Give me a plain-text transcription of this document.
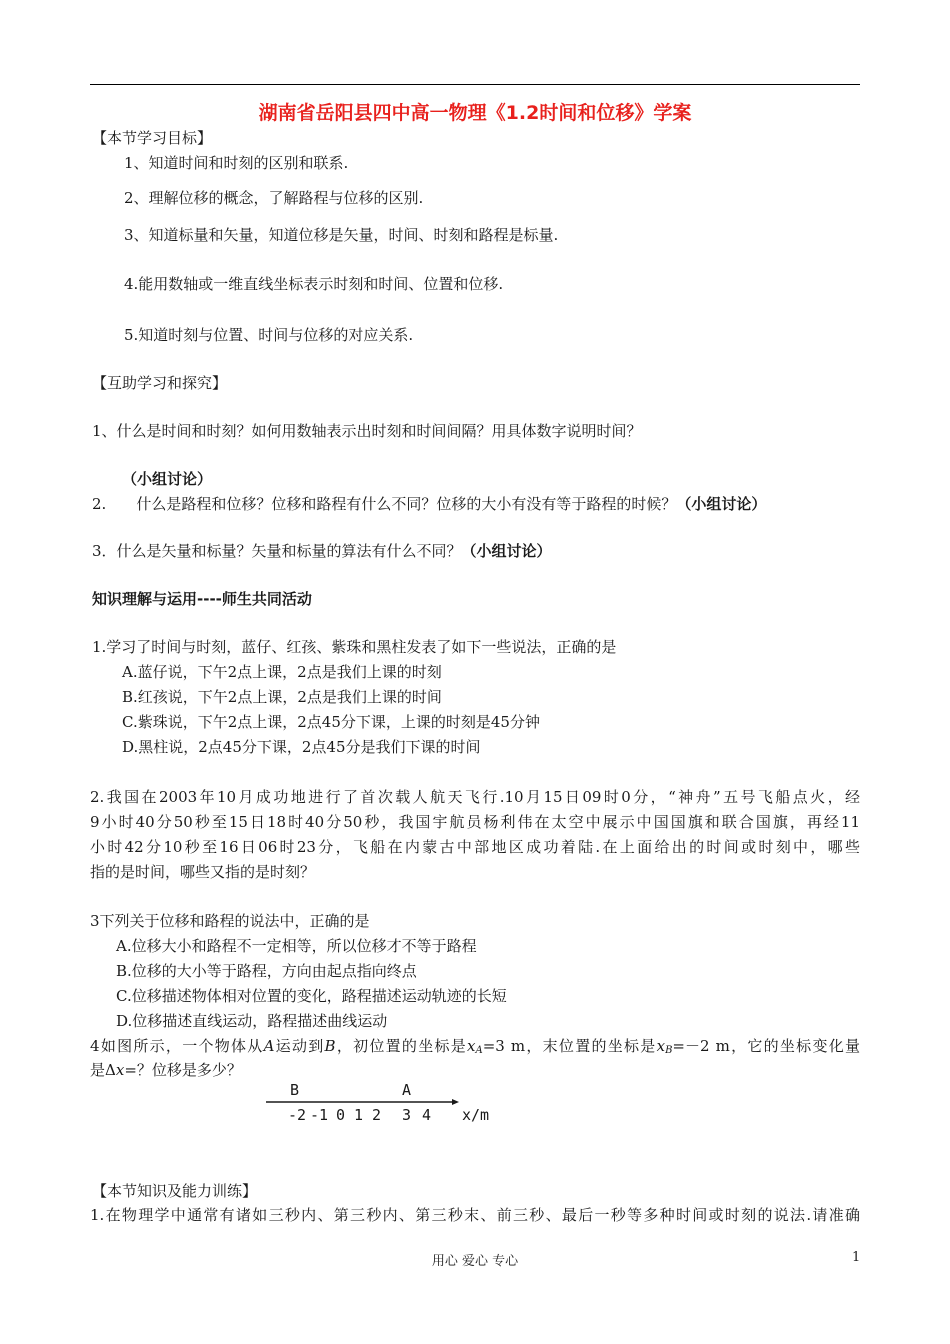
湖南省岳阳县四中高一物理《1.2时间和位移》学案
【本节学习目标】
1、知道时间和时刻的区别和联系.
2、理解位移的概念，了解路程与位移的区别.
3、知道标量和矢量，知道位移是矢量，时间、时刻和路程是标量.
4.能用数轴或一维直线坐标表示时刻和时间、位置和位移.
5.知道时刻与位置、时间与位移的对应关系.
【互助学习和探究】
1、什么是时间和时刻？如何用数轴表示出时刻和时间间隔？用具体数字说明时间？
（小组讨论）
2. 什么是路程和位移？位移和路程有什么不同？位移的大小有没有等于路程的时候？（小组讨论）
3．什么是矢量和标量？矢量和标量的算法有什么不同？（小组讨论）
知识理解与运用----师生共同活动
1.学习了时间与时刻，蓝仔、红孩、紫珠和黑柱发表了如下一些说法，正确的是
A.蓝仔说，下午2点上课，2点是我们上课的时刻
B.红孩说，下午2点上课，2点是我们上课的时间
C.紫珠说，下午2点上课，2点45分下课，上课的时刻是45分钟
D.黑柱说，2点45分下课，2点45分是我们下课的时间
2.我国在2003年10月成功地进行了首次载人航天飞行.10月15日09时0分，“神舟”五号飞船点火，经
9小时40分50秒至15日18时40分50秒，我国宇航员杨利伟在太空中展示中国国旗和联合国旗，再经11
小时42分10秒至16日06时23分，飞船在内蒙古中部地区成功着陆.在上面给出的时间或时刻中，哪些
指的是时间，哪些又指的是时刻？
3下列关于位移和路程的说法中，正确的是
A.位移大小和路程不一定相等，所以位移才不等于路程
B.位移的大小等于路程，方向由起点指向终点
C.位移描述物体相对位置的变化，路程描述运动轨迹的长短
D.位移描述直线运动，路程描述曲线运动
4如图所示，一个物体从A运动到B，初位置的坐标是$x_A=3$ m，末位置的坐标是$x_B=-2$ m，它的坐标变化量
是Δx=？位移是多少？
B	A
-2 -1 0 1 2 3 4 x/m
【本节知识及能力训练】
1.在物理学中通常有诸如三秒内、第三秒内、第三秒末、前三秒、最后一秒等多种时间或时刻的说法.请准确
用心 爱心 专心	1
